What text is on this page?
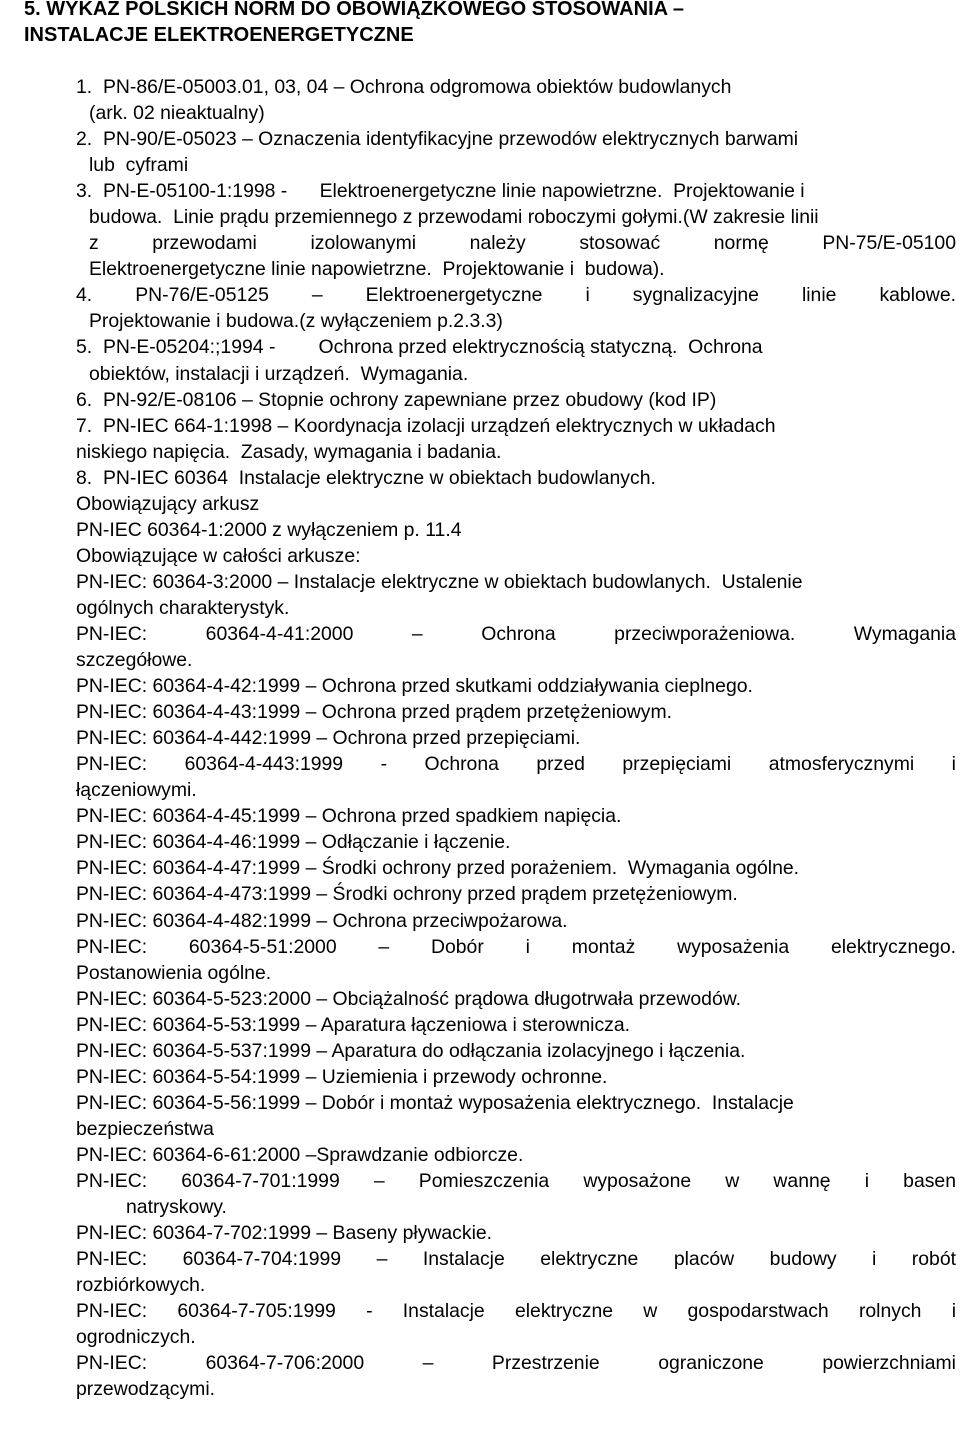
5. WYKAZ POLSKICH NORM DO OBOWIĄZKOWEGO STOSOWANIA –
INSTALACJE ELEKTROENERGETYCZNE
1.  PN-86/E-05003.01, 03, 04 – Ochrona odgromowa obiektów budowlanych
(ark. 02 nieaktualny)
2.  PN-90/E-05023 – Oznaczenia identyfikacyjne przewodów elektrycznych barwami
lub  cyframi
3.  PN-E-05100-1:1998 -      Elektroenergetyczne linie napowietrzne.  Projektowanie i
budowa.  Linie prądu przemiennego z przewodami roboczymi gołymi.(W zakresie linii
z przewodami izolowanymi należy stosować normę PN-75/E-05100
Elektroenergetyczne linie napowietrzne.  Projektowanie i  budowa).
4. PN-76/E-05125 – Elektroenergetyczne i sygnalizacyjne linie kablowe.
Projektowanie i budowa.(z wyłączeniem p.2.3.3)
5.  PN-E-05204:;1994 -        Ochrona przed elektrycznością statyczną.  Ochrona
obiektów, instalacji i urządzeń.  Wymagania.
6.  PN-92/E-08106 – Stopnie ochrony zapewniane przez obudowy (kod IP)
7.  PN-IEC 664-1:1998 – Koordynacja izolacji urządzeń elektrycznych w układach
niskiego napięcia.  Zasady, wymagania i badania.
8.  PN-IEC 60364  Instalacje elektryczne w obiektach budowlanych.
Obowiązujący arkusz
PN-IEC 60364-1:2000 z wyłączeniem p. 11.4
Obowiązujące w całości arkusze:
PN-IEC: 60364-3:2000 – Instalacje elektryczne w obiektach budowlanych.  Ustalenie
ogólnych charakterystyk.
PN-IEC: 60364-4-41:2000 – Ochrona przeciwporażeniowa. Wymagania
szczegółowe.
PN-IEC: 60364-4-42:1999 – Ochrona przed skutkami oddziaływania cieplnego.
PN-IEC: 60364-4-43:1999 – Ochrona przed prądem przetężeniowym.
PN-IEC: 60364-4-442:1999 – Ochrona przed przepięciami.
PN-IEC: 60364-4-443:1999 - Ochrona przed przepięciami atmosferycznymi i
łączeniowymi.
PN-IEC: 60364-4-45:1999 – Ochrona przed spadkiem napięcia.
PN-IEC: 60364-4-46:1999 – Odłączanie i łączenie.
PN-IEC: 60364-4-47:1999 – Środki ochrony przed porażeniem.  Wymagania ogólne.
PN-IEC: 60364-4-473:1999 – Środki ochrony przed prądem przetężeniowym.
PN-IEC: 60364-4-482:1999 – Ochrona przeciwpożarowa.
PN-IEC: 60364-5-51:2000 – Dobór i montaż wyposażenia elektrycznego.
Postanowienia ogólne.
PN-IEC: 60364-5-523:2000 – Obciążalność prądowa długotrwała przewodów.
PN-IEC: 60364-5-53:1999 – Aparatura łączeniowa i sterownicza.
PN-IEC: 60364-5-537:1999 – Aparatura do odłączania izolacyjnego i łączenia.
PN-IEC: 60364-5-54:1999 – Uziemienia i przewody ochronne.
PN-IEC: 60364-5-56:1999 – Dobór i montaż wyposażenia elektrycznego.  Instalacje
bezpieczeństwa
PN-IEC: 60364-6-61:2000 –Sprawdzanie odbiorcze.
PN-IEC: 60364-7-701:1999 – Pomieszczenia wyposażone w wannę i basen
natryskowy.
PN-IEC: 60364-7-702:1999 – Baseny pływackie.
PN-IEC: 60364-7-704:1999 – Instalacje elektryczne placów budowy i robót
rozbiórkowych.
PN-IEC: 60364-7-705:1999 - Instalacje elektryczne w gospodarstwach rolnych i
ogrodniczych.
PN-IEC: 60364-7-706:2000 – Przestrzenie ograniczone powierzchniami
przewodzącymi.
